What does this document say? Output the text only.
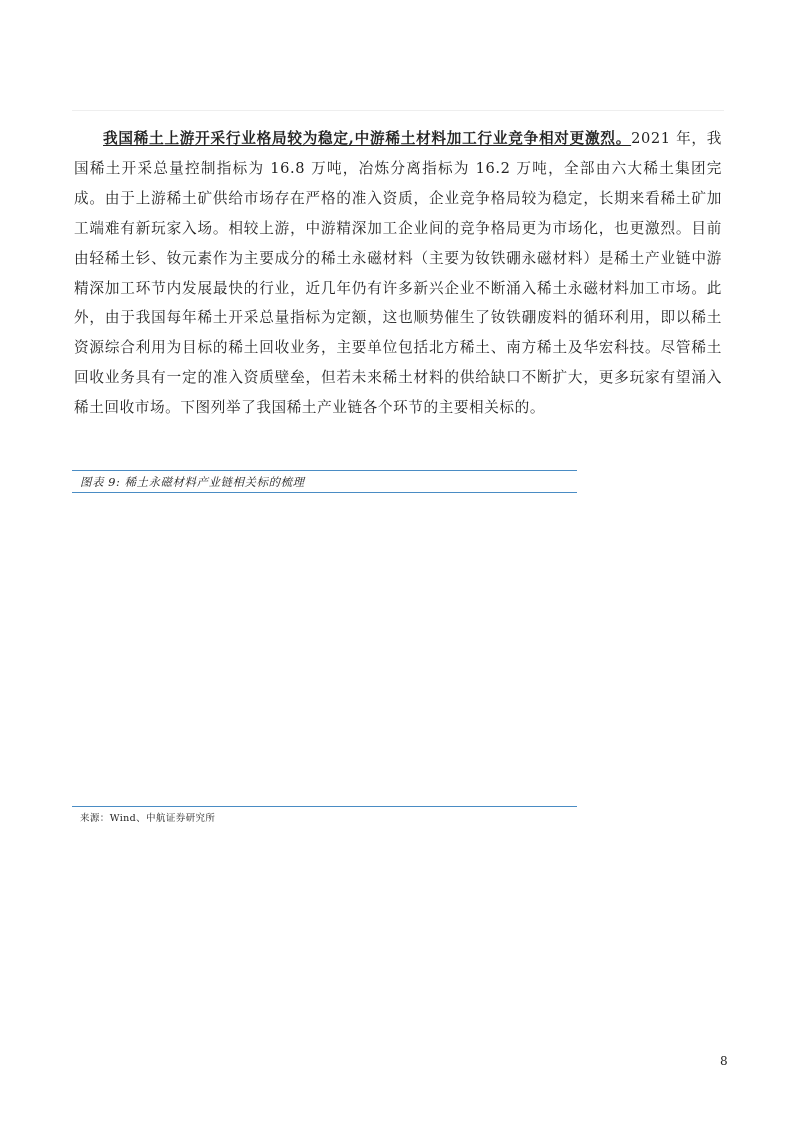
我国稀土上游开采行业格局较为稳定,中游稀土材料加工行业竞争相对更激烈。2021 年，我国稀土开采总量控制指标为 16.8 万吨，冶炼分离指标为 16.2 万吨，全部由六大稀土集团完成。由于上游稀土矿供给市场存在严格的准入资质，企业竞争格局较为稳定，长期来看稀土矿加工端难有新玩家入场。相较上游，中游精深加工企业间的竞争格局更为市场化，也更激烈。目前由轻稀土钐、钕元素作为主要成分的稀土永磁材料（主要为钕铁硼永磁材料）是稀土产业链中游精深加工环节内发展最快的行业，近几年仍有许多新兴企业不断涌入稀土永磁材料加工市场。此外，由于我国每年稀土开采总量指标为定额，这也顺势催生了钕铁硼废料的循环利用，即以稀土资源综合利用为目标的稀土回收业务，主要单位包括北方稀土、南方稀土及华宏科技。尽管稀土回收业务具有一定的准入资质壁垒，但若未来稀土材料的供给缺口不断扩大，更多玩家有望涌入稀土回收市场。下图列举了我国稀土产业链各个环节的主要相关标的。

图表 9: 稀土永磁材料产业链相关标的梳理
来源：Wind、中航证券研究所
8
